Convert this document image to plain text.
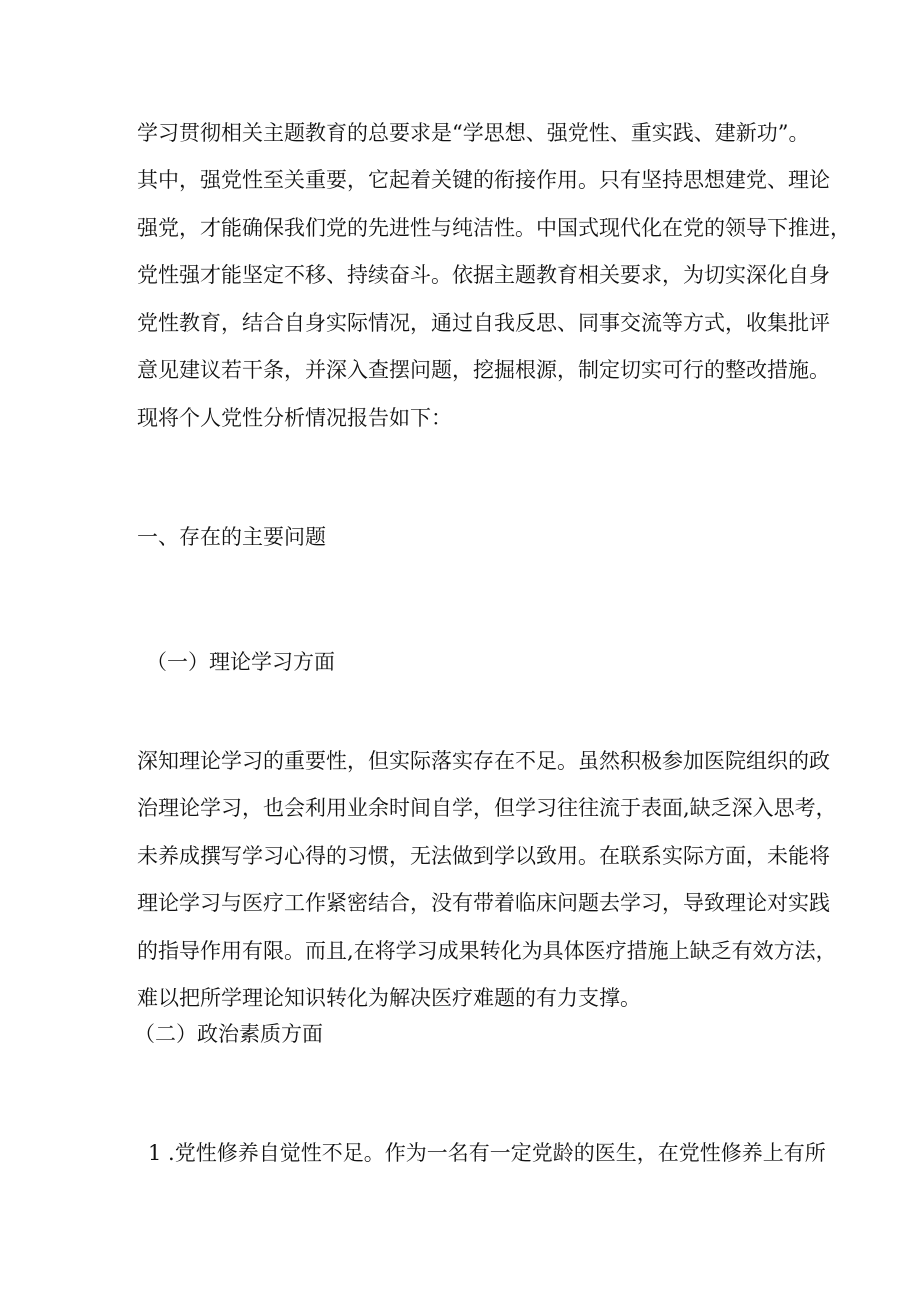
学习贯彻相关主题教育的总要求是“学思想、强党性、重实践、建新功”。

其中，强党性至关重要，它起着关键的衔接作用。只有坚持思想建党、理论

强党，才能确保我们党的先进性与纯洁性。中国式现代化在党的领导下推进，

党性强才能坚定不移、持续奋斗。依据主题教育相关要求，为切实深化自身

党性教育，结合自身实际情况，通过自我反思、同事交流等方式，收集批评

意见建议若干条，并深入查摆问题，挖掘根源，制定切实可行的整改措施。

现将个人党性分析情况报告如下：

一、存在的主要问题
（一）理论学习方面

深知理论学习的重要性，但实际落实存在不足。虽然积极参加医院组织的政

治理论学习，也会利用业余时间自学，但学习往往流于表面,缺乏深入思考，

未养成撰写学习心得的习惯，无法做到学以致用。在联系实际方面，未能将

理论学习与医疗工作紧密结合，没有带着临床问题去学习，导致理论对实践

的指导作用有限。而且,在将学习成果转化为具体医疗措施上缺乏有效方法，

难以把所学理论知识转化为解决医疗难题的有力支撑。

（二）政治素质方面

1 .党性修养自觉性不足。作为一名有一定党龄的医生，在党性修养上有所
